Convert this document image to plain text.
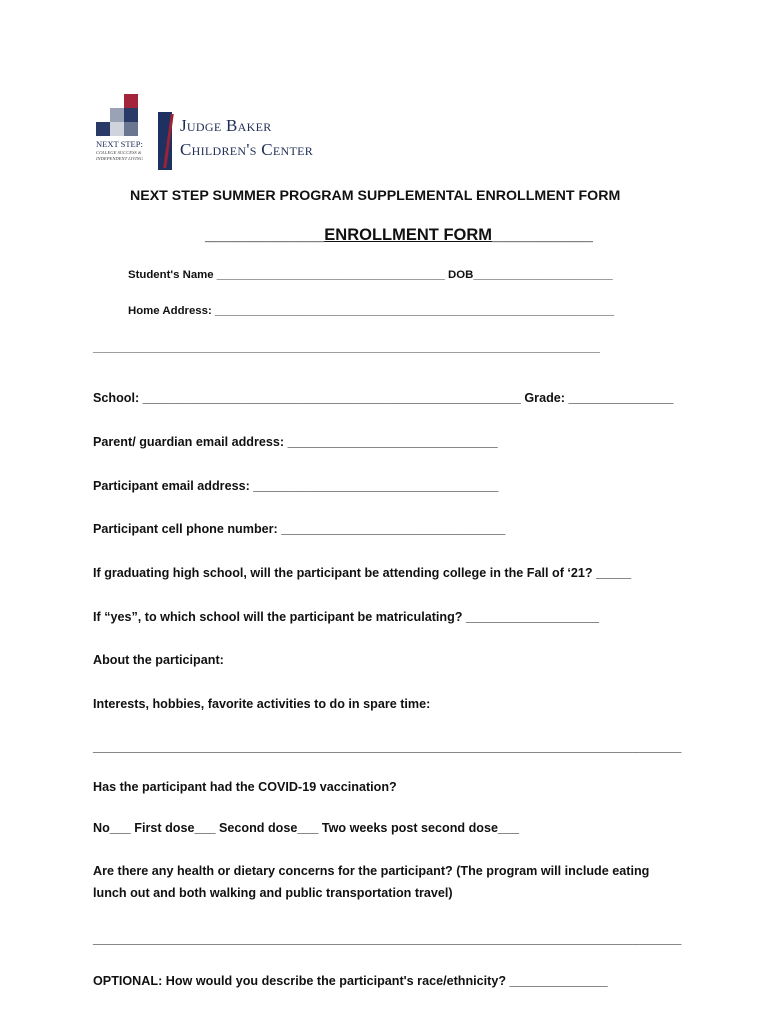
NEXT STEP:
COLLEGE SUCCESS &
INDEPENDENT LIVING
Judge Baker
Children's Center
NEXT STEP SUMMER PROGRAM SUPPLEMENTAL ENROLLMENT FORM
_____________ENROLLMENT FORM___________
Student's Name ____________________________________ DOB______________________
Home Address: _______________________________________________________________
________________________________________________________________________________
School: ______________________________________________________ Grade: _______________
Parent/ guardian email address: ______________________________
Participant email address: ___________________________________
Participant cell phone number: ________________________________
If graduating high school, will the participant be attending college in the Fall of ‘21? _____
If “yes”, to which school will the participant be matriculating? ___________________
About the participant:
Interests, hobbies, favorite activities to do in spare time:
____________________________________________________________________________________
Has the participant had the COVID-19 vaccination?
No___ First dose___ Second dose___ Two weeks post second dose___
Are there any health or dietary concerns for the participant? (The program will include eating
lunch out and both walking and public transportation travel)
____________________________________________________________________________________
OPTIONAL: How would you describe the participant's race/ethnicity? ______________
